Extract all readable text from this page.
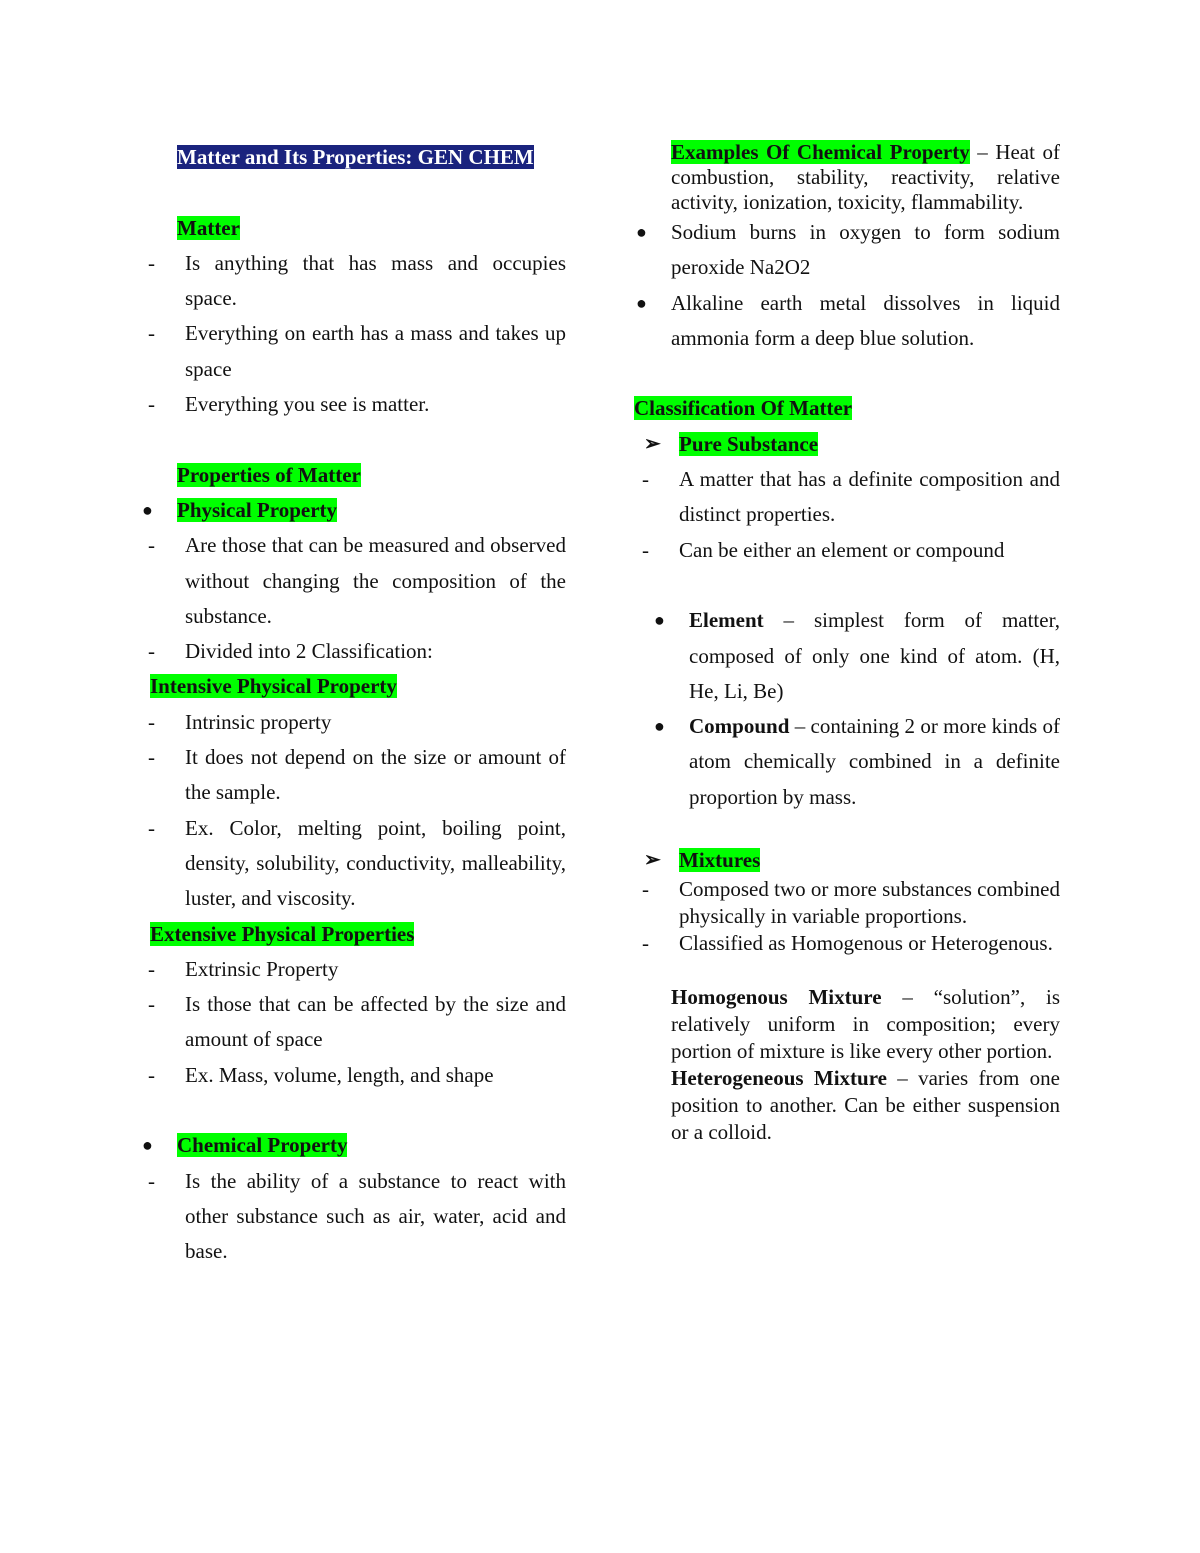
Matter and Its Properties: GEN CHEM
Matter
- Is anything that has mass and occupies space.
- Everything on earth has a mass and takes up space
- Everything you see is matter.
Properties of Matter
● Physical Property
- Are those that can be measured and observed without changing the composition of the substance.
- Divided into 2 Classification:
Intensive Physical Property
- Intrinsic property
- It does not depend on the size or amount of the sample.
- Ex. Color, melting point, boiling point, density, solubility, conductivity, malleability, luster, and viscosity.
Extensive Physical Properties
- Extrinsic Property
- Is those that can be affected by the size and amount of space
- Ex. Mass, volume, length, and shape
● Chemical Property
- Is the ability of a substance to react with other substance such as air, water, acid and base.
Examples Of Chemical Property – Heat of combustion, stability, reactivity, relative activity, ionization, toxicity, flammability.
● Sodium burns in oxygen to form sodium peroxide Na2O2
● Alkaline earth metal dissolves in liquid ammonia form a deep blue solution.
Classification Of Matter
➢ Pure Substance
- A matter that has a definite composition and distinct properties.
- Can be either an element or compound
● Element – simplest form of matter, composed of only one kind of atom. (H, He, Li, Be)
● Compound – containing 2 or more kinds of atom chemically combined in a definite proportion by mass.
➢ Mixtures
- Composed two or more substances combined physically in variable proportions.
- Classified as Homogenous or Heterogenous.
Homogenous Mixture – “solution”, is relatively uniform in composition; every portion of mixture is like every other portion.
Heterogeneous Mixture – varies from one position to another. Can be either suspension or a colloid.
